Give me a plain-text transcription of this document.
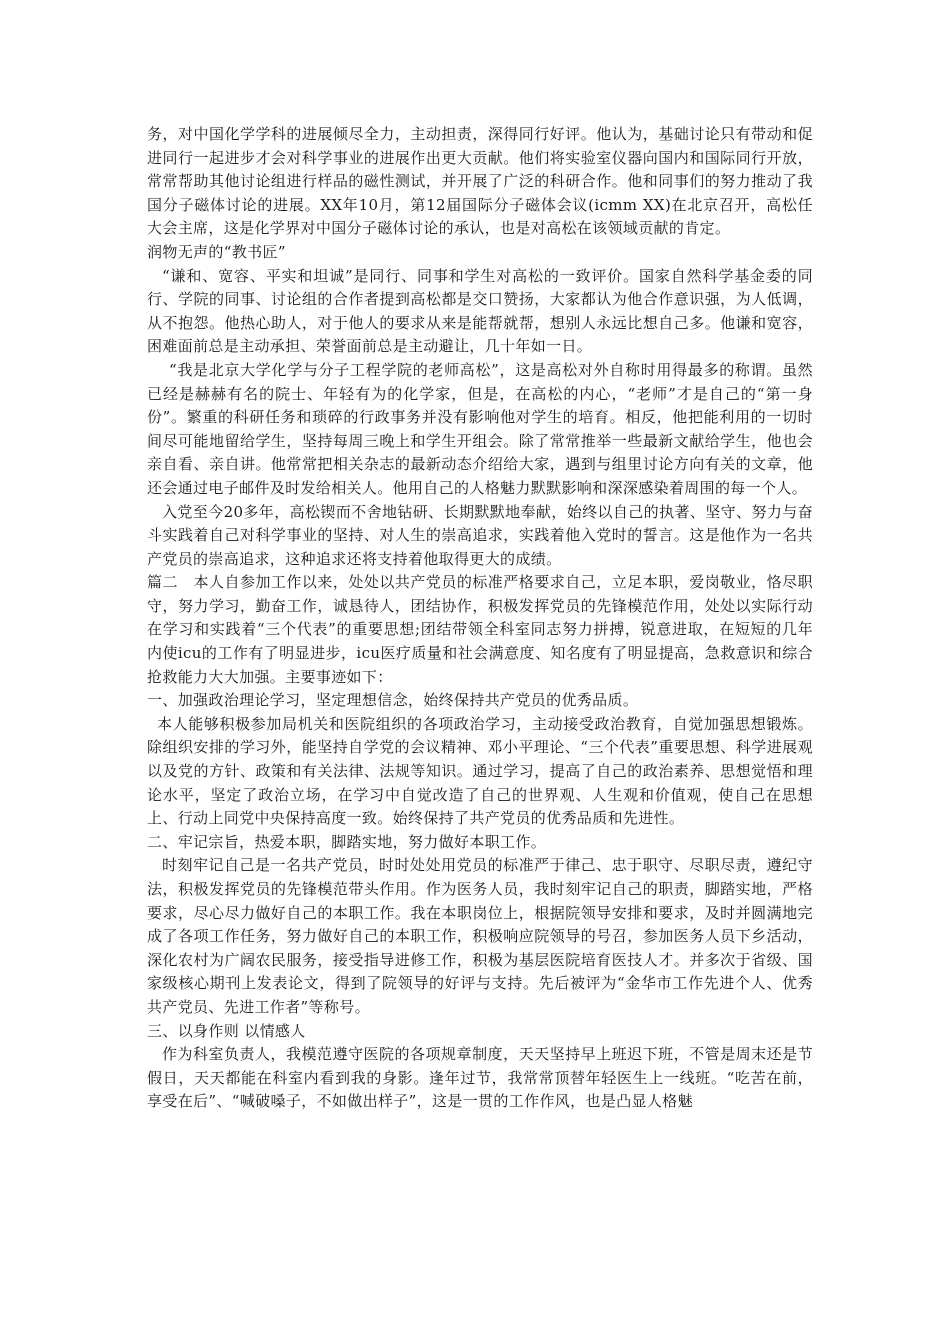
务，对中国化学学科的进展倾尽全力，主动担责，深得同行好评。他认为，基础讨论只有带动和促进同行一起进步才会对科学事业的进展作出更大贡献。他们将实验室仪器向国内和国际同行开放，常常帮助其他讨论组进行样品的磁性测试，并开展了广泛的科研合作。他和同事们的努力推动了我国分子磁体讨论的进展。XX年10月，第12届国际分子磁体会议(icmm XX)在北京召开，高松任大会主席，这是化学界对中国分子磁体讨论的承认，也是对高松在该领域贡献的肯定。

润物无声的“教书匠”

“谦和、宽容、平实和坦诚”是同行、同事和学生对高松的一致评价。国家自然科学基金委的同行、学院的同事、讨论组的合作者提到高松都是交口赞扬，大家都认为他合作意识强，为人低调，从不抱怨。他热心助人，对于他人的要求从来是能帮就帮，想别人永远比想自己多。他谦和宽容，困难面前总是主动承担、荣誉面前总是主动避让，几十年如一日。

“我是北京大学化学与分子工程学院的老师高松”，这是高松对外自称时用得最多的称谓。虽然已经是赫赫有名的院士、年轻有为的化学家，但是，在高松的内心，“老师”才是自己的“第一身份”。繁重的科研任务和琐碎的行政事务并没有影响他对学生的培育。相反，他把能利用的一切时间尽可能地留给学生，坚持每周三晚上和学生开组会。除了常常推举一些最新文献给学生，他也会亲自看、亲自讲。他常常把相关杂志的最新动态介绍给大家，遇到与组里讨论方向有关的文章，他还会通过电子邮件及时发给相关人。他用自己的人格魅力默默影响和深深感染着周围的每一个人。

入党至今20多年，高松锲而不舍地钻研、长期默默地奉献，始终以自己的执著、坚守、努力与奋斗实践着自己对科学事业的坚持、对人生的崇高追求，实践着他入党时的誓言。这是他作为一名共产党员的崇高追求，这种追求还将支持着他取得更大的成绩。

篇二　本人自参加工作以来，处处以共产党员的标准严格要求自己，立足本职，爱岗敬业，恪尽职守，努力学习，勤奋工作，诚恳待人，团结协作，积极发挥党员的先锋模范作用，处处以实际行动在学习和实践着“三个代表”的重要思想;团结带领全科室同志努力拼搏，锐意进取，在短短的几年内使icu的工作有了明显进步，icu医疗质量和社会满意度、知名度有了明显提高，急救意识和综合抢救能力大大加强。主要事迹如下：

一、加强政治理论学习，坚定理想信念，始终保持共产党员的优秀品质。

本人能够积极参加局机关和医院组织的各项政治学习，主动接受政治教育，自觉加强思想锻炼。除组织安排的学习外，能坚持自学党的会议精神、邓小平理论、“三个代表”重要思想、科学进展观以及党的方针、政策和有关法律、法规等知识。通过学习，提高了自己的政治素养、思想觉悟和理论水平，坚定了政治立场，在学习中自觉改造了自己的世界观、人生观和价值观，使自己在思想上、行动上同党中央保持高度一致。始终保持了共产党员的优秀品质和先进性。

二、牢记宗旨，热爱本职，脚踏实地，努力做好本职工作。

时刻牢记自己是一名共产党员，时时处处用党员的标准严于律己、忠于职守、尽职尽责，遵纪守法，积极发挥党员的先锋模范带头作用。作为医务人员，我时刻牢记自己的职责，脚踏实地，严格要求，尽心尽力做好自己的本职工作。我在本职岗位上，根据院领导安排和要求，及时并圆满地完成了各项工作任务，努力做好自己的本职工作，积极响应院领导的号召，参加医务人员下乡活动，深化农村为广阔农民服务，接受指导进修工作，积极为基层医院培育医技人才。并多次于省级、国家级核心期刊上发表论文，得到了院领导的好评与支持。先后被评为“金华市工作先进个人、优秀共产党员、先进工作者”等称号。

三、以身作则 以情感人

作为科室负责人，我模范遵守医院的各项规章制度，天天坚持早上班迟下班，不管是周末还是节假日，天天都能在科室内看到我的身影。逢年过节，我常常顶替年轻医生上一线班。“吃苦在前，享受在后”、“喊破嗓子，不如做出样子”，这是一贯的工作作风，也是凸显人格魅
